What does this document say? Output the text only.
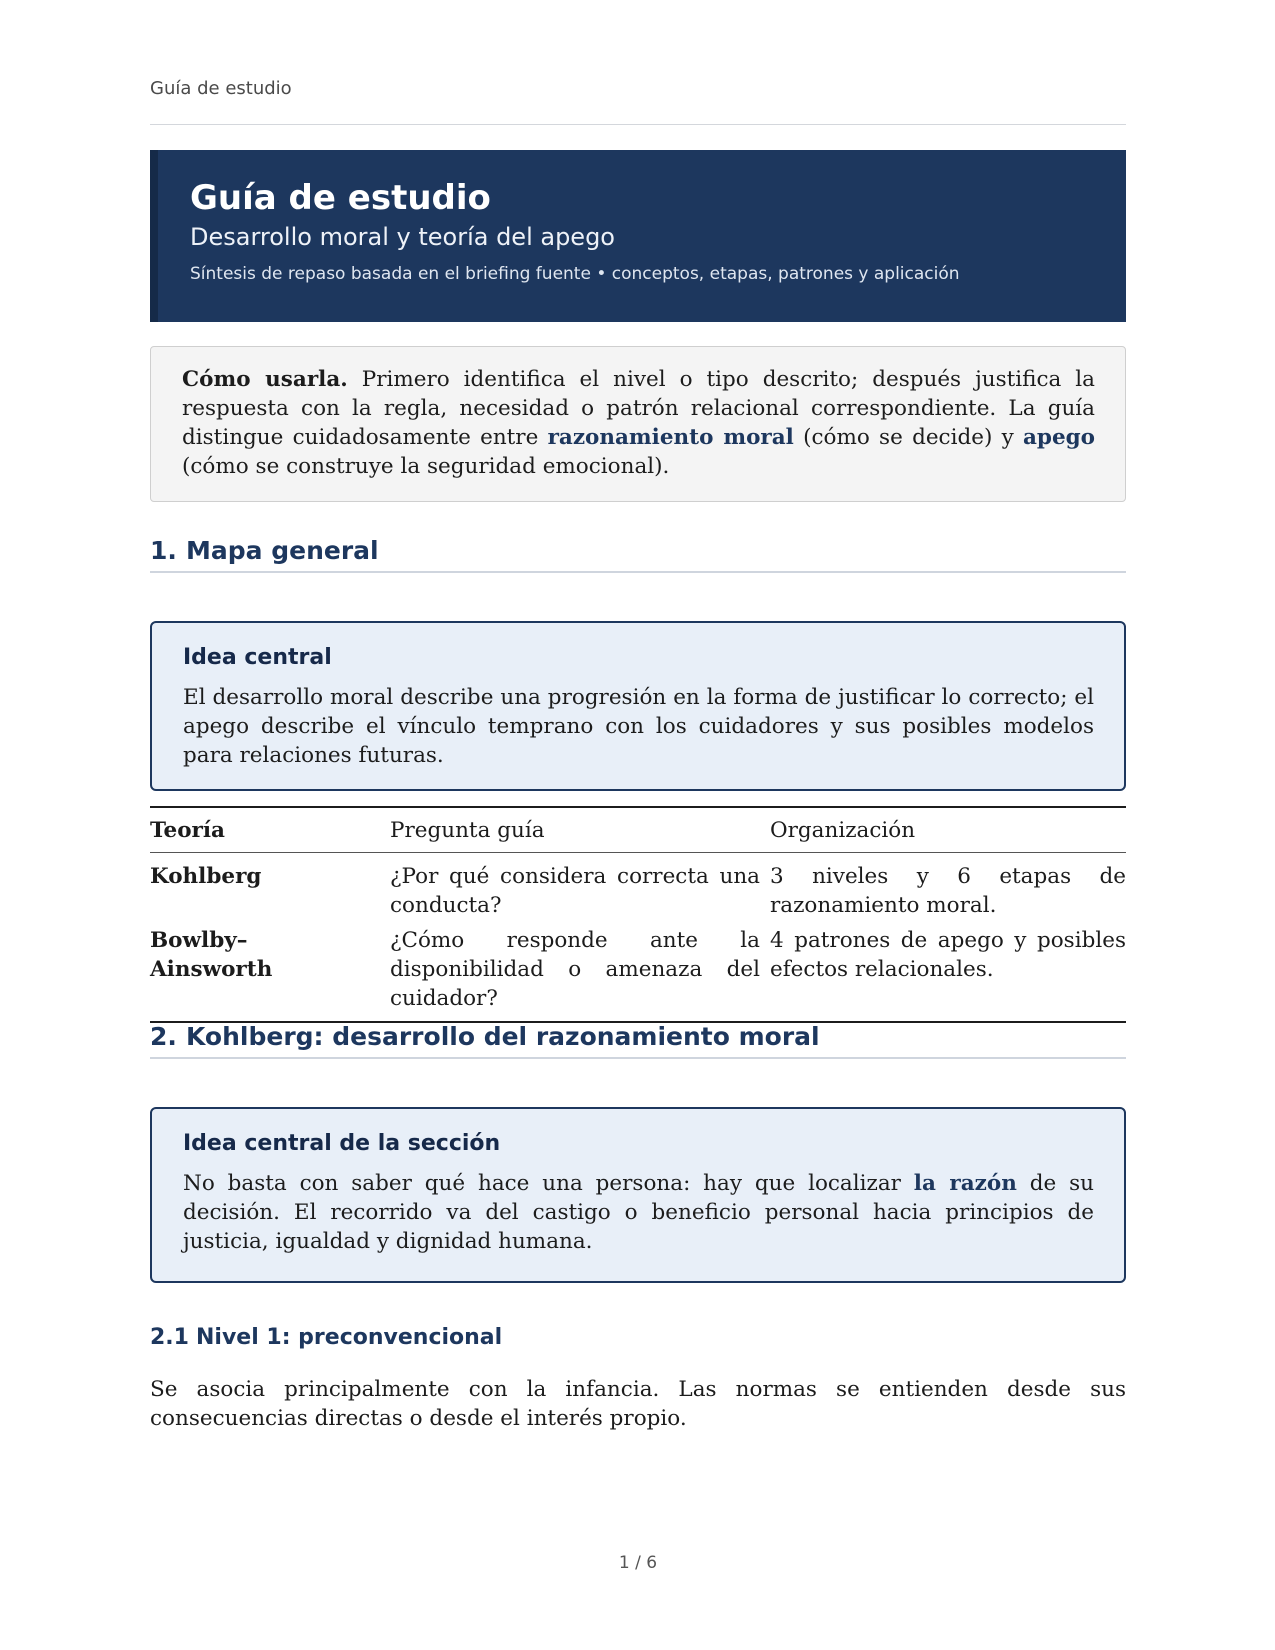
Guía de estudio
Guía de estudio
Desarrollo moral y teoría del apego
Síntesis de repaso basada en el briefing fuente • conceptos, etapas, patrones y aplicación
Cómo usarla. Primero identifica el nivel o tipo descrito; después justifica la respuesta con la regla, necesidad o patrón relacional correspondiente. La guía distingue cuidadosamente entre razonamiento moral (cómo se decide) y apego (cómo se construye la seguridad emocional).
1. Mapa general
Idea central
El desarrollo moral describe una progresión en la forma de justificar lo correcto; el apego describe el vínculo temprano con los cuidadores y sus posibles modelos para relaciones futuras.
Teoría	Pregunta guía	Organización
Kohlberg	¿Por qué considera correcta una conducta?	3 niveles y 6 etapas de razonamiento moral.
Bowlby–Ainsworth	¿Cómo responde ante la disponibilidad o amenaza del cuidador?	4 patrones de apego y posibles efectos relacionales.
2. Kohlberg: desarrollo del razonamiento moral
Idea central de la sección
No basta con saber qué hace una persona: hay que localizar la razón de su decisión. El recorrido va del castigo o beneficio personal hacia principios de justicia, igualdad y dignidad humana.
2.1 Nivel 1: preconvencional
Se asocia principalmente con la infancia. Las normas se entienden desde sus consecuencias directas o desde el interés propio.
1 / 6
